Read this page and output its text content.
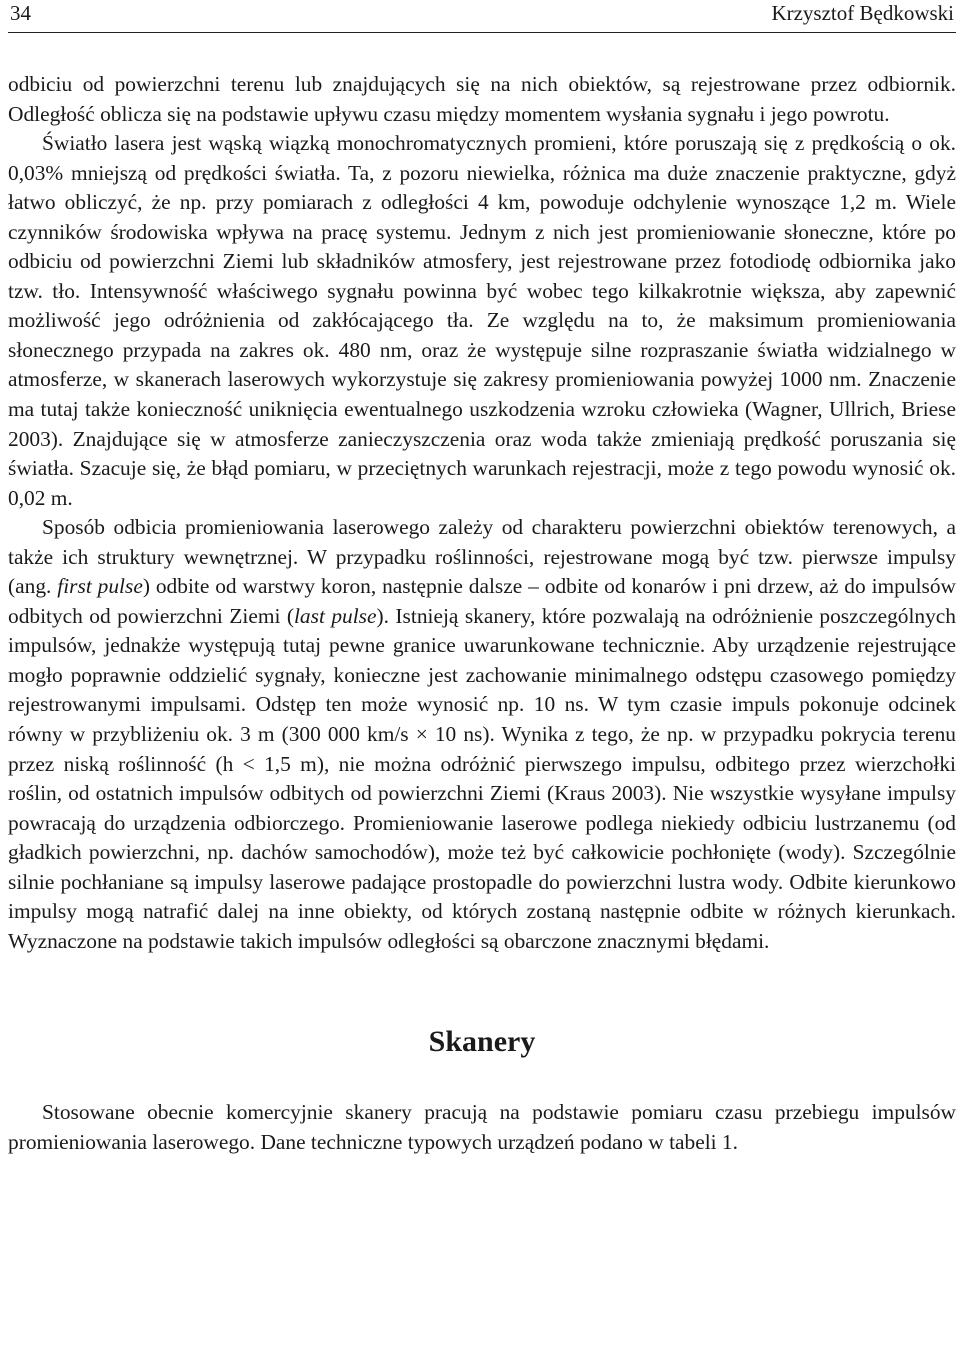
34	Krzysztof Będkowski

odbiciu od powierzchni terenu lub znajdujących się na nich obiektów, są rejestrowane przez odbiornik. Odległość oblicza się na podstawie upływu czasu między momentem wysłania sygnału i jego powrotu.

Światło lasera jest wąską wiązką monochromatycznych promieni, które poruszają się z prędkością o ok. 0,03% mniejszą od prędkości światła. Ta, z pozoru niewielka, różnica ma duże znaczenie praktyczne, gdyż łatwo obliczyć, że np. przy pomiarach z odległości 4 km, powoduje odchylenie wynoszące 1,2 m. Wiele czynników środowiska wpływa na pracę systemu. Jednym z nich jest promieniowanie słoneczne, które po odbiciu od powierzchni Ziemi lub składników atmosfery, jest rejestrowane przez fotodiodę odbiornika jako tzw. tło. Intensywność właściwego sygnału powinna być wobec tego kilkakrotnie większa, aby zapewnić możliwość jego odróżnienia od zakłócającego tła. Ze względu na to, że maksimum promieniowania słonecznego przypada na zakres ok. 480 nm, oraz że występuje silne rozpraszanie światła widzialnego w atmosferze, w skanerach laserowych wykorzystuje się zakresy promieniowania powyżej 1000 nm. Znaczenie ma tutaj także konieczność uniknięcia ewentualnego uszkodzenia wzroku człowieka (Wagner, Ullrich, Briese 2003). Znajdujące się w atmosferze zanieczyszczenia oraz woda także zmieniają prędkość poruszania się światła. Szacuje się, że błąd pomiaru, w przeciętnych warunkach rejestracji, może z tego powodu wynosić ok. 0,02 m.

Sposób odbicia promieniowania laserowego zależy od charakteru powierzchni obiektów terenowych, a także ich struktury wewnętrznej. W przypadku roślinności, rejestrowane mogą być tzw. pierwsze impulsy (ang. first pulse) odbite od warstwy koron, następnie dalsze – odbite od konarów i pni drzew, aż do impulsów odbitych od powierzchni Ziemi (last pulse). Istnieją skanery, które pozwalają na odróżnienie poszczególnych impulsów, jednakże występują tutaj pewne granice uwarunkowane technicznie. Aby urządzenie rejestrujące mogło poprawnie oddzielić sygnały, konieczne jest zachowanie minimalnego odstępu czasowego pomiędzy rejestrowanymi impulsami. Odstęp ten może wynosić np. 10 ns. W tym czasie impuls pokonuje odcinek równy w przybliżeniu ok. 3 m (300 000 km/s × 10 ns). Wynika z tego, że np. w przypadku pokrycia terenu przez niską roślinność (h < 1,5 m), nie można odróżnić pierwszego impulsu, odbitego przez wierzchołki roślin, od ostatnich impulsów odbitych od powierzchni Ziemi (Kraus 2003). Nie wszystkie wysyłane impulsy powracają do urządzenia odbiorczego. Promieniowanie laserowe podlega niekiedy odbiciu lustrzanemu (od gładkich powierzchni, np. dachów samochodów), może też być całkowicie pochłonięte (wody). Szczególnie silnie pochłaniane są impulsy laserowe padające prostopadle do powierzchni lustra wody. Odbite kierunkowo impulsy mogą natrafić dalej na inne obiekty, od których zostaną następnie odbite w różnych kierunkach. Wyznaczone na podstawie takich impulsów odległości są obarczone znacznymi błędami.

Skanery

Stosowane obecnie komercyjnie skanery pracują na podstawie pomiaru czasu przebiegu impulsów promieniowania laserowego. Dane techniczne typowych urządzeń podano w tabeli 1.
